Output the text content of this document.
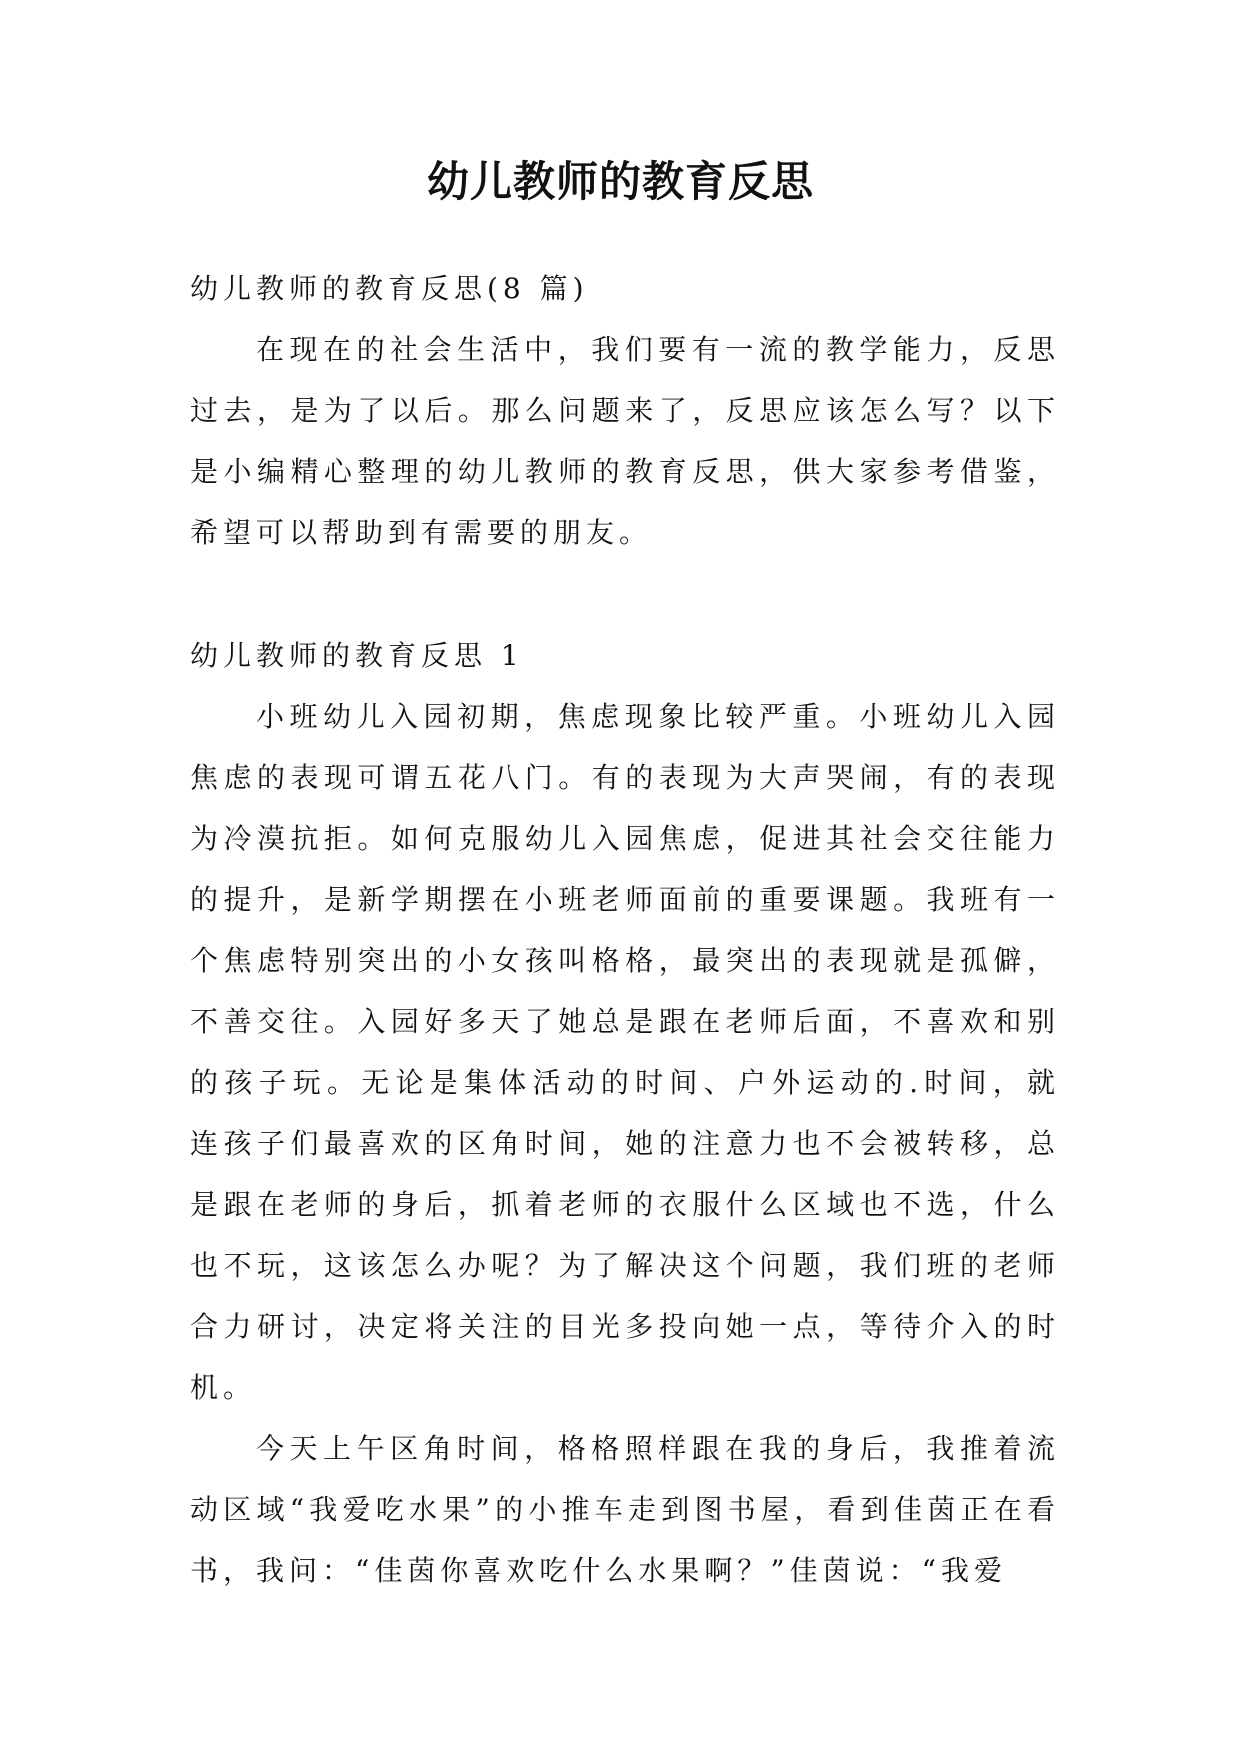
幼儿教师的教育反思

幼儿教师的教育反思(8 篇)

在现在的社会生活中，我们要有一流的教学能力，反思过去，是为了以后。那么问题来了，反思应该怎么写？以下是小编精心整理的幼儿教师的教育反思，供大家参考借鉴，希望可以帮助到有需要的朋友。

幼儿教师的教育反思 1

小班幼儿入园初期，焦虑现象比较严重。小班幼儿入园焦虑的表现可谓五花八门。有的表现为大声哭闹，有的表现为冷漠抗拒。如何克服幼儿入园焦虑，促进其社会交往能力的提升，是新学期摆在小班老师面前的重要课题。我班有一个焦虑特别突出的小女孩叫格格，最突出的表现就是孤僻，不善交往。入园好多天了她总是跟在老师后面，不喜欢和别的孩子玩。无论是集体活动的时间、户外运动的.时间，就连孩子们最喜欢的区角时间，她的注意力也不会被转移，总是跟在老师的身后，抓着老师的衣服什么区域也不选，什么也不玩，这该怎么办呢？为了解决这个问题，我们班的老师合力研讨，决定将关注的目光多投向她一点，等待介入的时机。

今天上午区角时间，格格照样跟在我的身后，我推着流动区域“我爱吃水果”的小推车走到图书屋，看到佳茵正在看书，我问：“佳茵你喜欢吃什么水果啊？”佳茵说：“我爱
